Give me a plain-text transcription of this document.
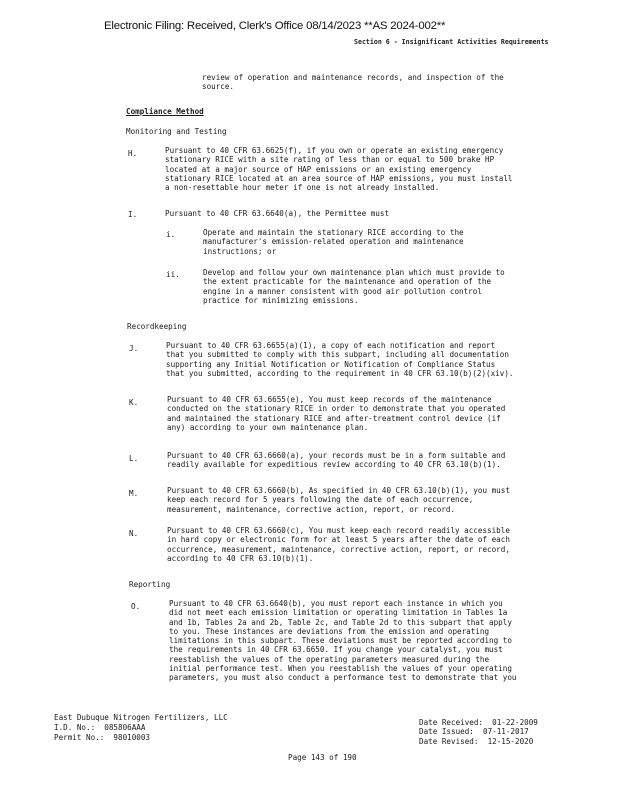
Electronic Filing: Received, Clerk's Office 08/14/2023 **AS 2024-002**
Section 6 - Insignificant Activities Requirements
review of operation and maintenance records, and inspection of the
source.
Compliance Method
Monitoring and Testing
H.	Pursuant to 40 CFR 63.6625(f), if you own or operate an existing emergency
stationary RICE with a site rating of less than or equal to 500 brake HP
located at a major source of HAP emissions or an existing emergency
stationary RICE located at an area source of HAP emissions, you must install
a non-resettable hour meter if one is not already installed.
I.	Pursuant to 40 CFR 63.6640(a), the Permittee must
i.	Operate and maintain the stationary RICE according to the
manufacturer's emission-related operation and maintenance
instructions; or
ii.	Develop and follow your own maintenance plan which must provide to
the extent practicable for the maintenance and operation of the
engine in a manner consistent with good air pollution control
practice for minimizing emissions.
Recordkeeping
J.	Pursuant to 40 CFR 63.6655(a)(1), a copy of each notification and report
that you submitted to comply with this subpart, including all documentation
supporting any Initial Notification or Notification of Compliance Status
that you submitted, according to the requirement in 40 CFR 63.10(b)(2)(xiv).
K.	Pursuant to 40 CFR 63.6655(e), You must keep records of the maintenance
conducted on the stationary RICE in order to demonstrate that you operated
and maintained the stationary RICE and after-treatment control device (if
any) according to your own maintenance plan.
L.	Pursuant to 40 CFR 63.6660(a), your records must be in a form suitable and
readily available for expeditious review according to 40 CFR 63.10(b)(1).
M.	Pursuant to 40 CFR 63.6660(b), As specified in 40 CFR 63.10(b)(1), you must
keep each record for 5 years following the date of each occurrence,
measurement, maintenance, corrective action, report, or record.
N.	Pursuant to 40 CFR 63.6660(c), You must keep each record readily accessible
in hard copy or electronic form for at least 5 years after the date of each
occurrence, measurement, maintenance, corrective action, report, or record,
according to 40 CFR 63.10(b)(1).
Reporting
O.	Pursuant to 40 CFR 63.6640(b), you must report each instance in which you
did not meet each emission limitation or operating limitation in Tables 1a
and 1b, Tables 2a and 2b, Table 2c, and Table 2d to this subpart that apply
to you. These instances are deviations from the emission and operating
limitations in this subpart. These deviations must be reported according to
the requirements in 40 CFR 63.6650. If you change your catalyst, you must
reestablish the values of the operating parameters measured during the
initial performance test. When you reestablish the values of your operating
parameters, you must also conduct a performance test to demonstrate that you
East Dubuque Nitrogen Fertilizers, LLC
I.D. No.:  085806AAA
Permit No.:  98010003
Date Received:  01-22-2009
Date Issued:  07-11-2017
Date Revised:  12-15-2020
Page 143 of 190
